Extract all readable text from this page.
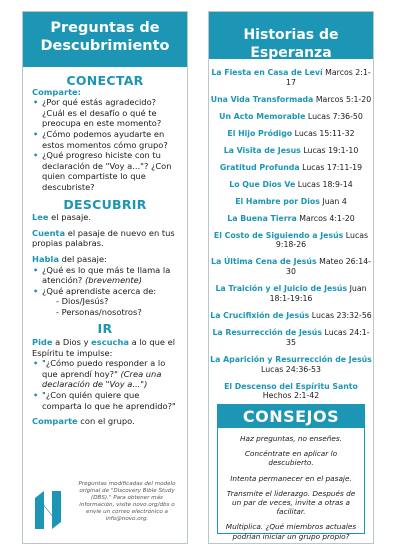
Preguntas de Descubrimiento
CONECTAR
Comparte:
• ¿Por qué estás agradecido? ¿Cuál es el desafío o qué te preocupa en este momento?
• ¿Cómo podemos ayudarte en estos momentos cómo grupo?
• ¿Qué progreso hiciste con tu declaración de "Voy a..."? ¿Con quien compartiste lo que descubriste?
DESCUBRIR

Lee el pasaje.

Cuenta el pasaje de nuevo en tus propias palabras.

Habla del pasaje:

• ¿Qué es lo que más te llama la atención? (brevemente)
• ¿Qué aprendiste acerca de:
- Dios/Jesús?
- Personas/nosotros?
IR

Pide a Dios y escucha a lo que el Espíritu te impulse:

• "¿Cómo puedo responder a lo que aprendí hoy?" (Crea una declaración de "Voy a...")
• "¿Con quién quiere que comparta lo que he aprendido?"

Comparte con el grupo.

Preguntas modificadas del modelo original de "Discovery Bible Study (DBS)." Para obtener más información, visite novo.org/dbs o envíe un correo electrónico a info@novo.org.
Historias de Esperanza
La Fiesta en Casa de Leví Marcos 2:1-17
Una Vida Transformada Marcos 5:1-20
Un Acto Memorable Lucas 7:36-50
El Hijo Pródigo Lucas 15:11-32
La Visita de Jesus Lucas 19:1-10
Gratitud Profunda Lucas 17:11-19
Lo Que Dios Ve Lucas 18:9-14
El Hambre por Dios Juan 4
La Buena Tierra Marcos 4:1-20
El Costo de Siguiendo a Jesús Lucas 9:18-26
La Última Cena de Jesús Mateo 26:14-30
La Traición y el Juicio de Jesús Juan 18:1-19:16
La Crucifixión de Jesús Lucas 23:32-56
La Resurrección de Jesús Lucas 24:1-35
La Aparición y Resurrección de Jesús Lucas 24:36-53
El Descenso del Espíritu Santo Hechos 2:1-42
CONSEJOS
Haz preguntas, no enseñes.
Concéntrate en aplicar lo descubierto.
Intenta permanecer en el pasaje.
Transmite el liderazgo. Después de un par de veces, invite a otras a facilitar.
Multiplica. ¿Qué miembros actuales podrían iniciar un grupo propio?
